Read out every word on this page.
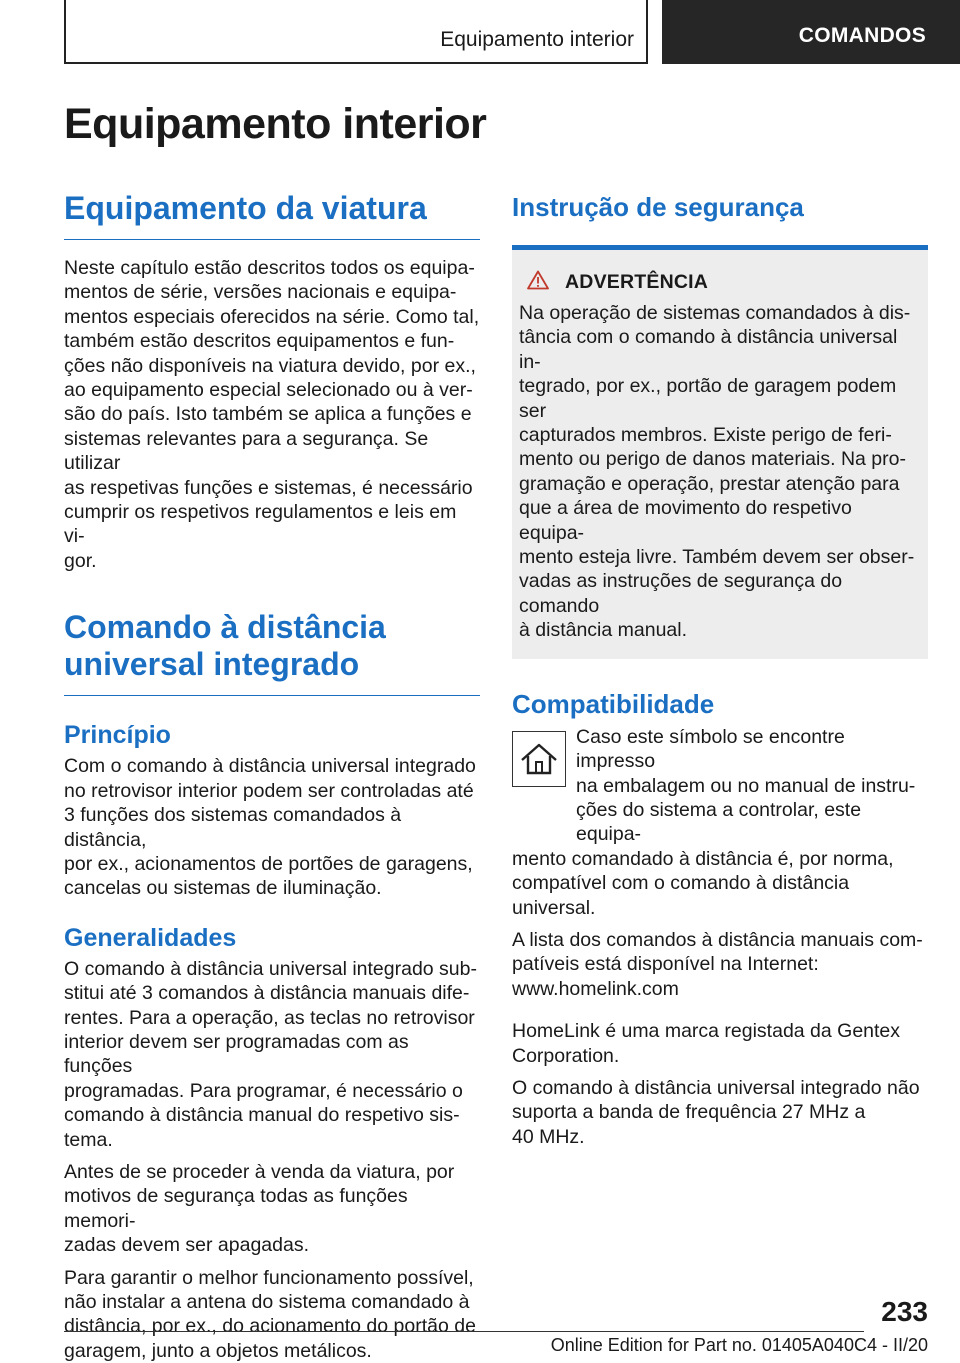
Equipamento interior	COMANDOS
Equipamento interior
Equipamento da viatura

Neste capítulo estão descritos todos os equipa‐
mentos de série, versões nacionais e equipa‐
mentos especiais oferecidos na série. Como tal,
também estão descritos equipamentos e fun‐
ções não disponíveis na viatura devido, por ex.,
ao equipamento especial selecionado ou à ver‐
são do país. Isto também se aplica a funções e
sistemas relevantes para a segurança. Se utilizar
as respetivas funções e sistemas, é necessário
cumprir os respetivos regulamentos e leis em vi‐
gor.

Comando à distância
universal integrado
Princípio

Com o comando à distância universal integrado
no retrovisor interior podem ser controladas até
3 funções dos sistemas comandados à distância,
por ex., acionamentos de portões de garagens,
cancelas ou sistemas de iluminação.

Generalidades

O comando à distância universal integrado sub‐
stitui até 3 comandos à distância manuais dife‐
rentes. Para a operação, as teclas no retrovisor
interior devem ser programadas com as funções
programadas. Para programar, é necessário o
comando à distância manual do respetivo sis‐
tema.

Antes de se proceder à venda da viatura, por
motivos de segurança todas as funções memori‐
zadas devem ser apagadas.

Para garantir o melhor funcionamento possível,
não instalar a antena do sistema comandado à
distância, por ex., do acionamento do portão de
garagem, junto a objetos metálicos.

Instrução de segurança
ADVERTÊNCIA

Na operação de sistemas comandados à dis‐
tância com o comando à distância universal in‐
tegrado, por ex., portão de garagem podem ser
capturados membros. Existe perigo de feri‐
mento ou perigo de danos materiais. Na pro‐
gramação e operação, prestar atenção para
que a área de movimento do respetivo equipa‐
mento esteja livre. Também devem ser obser‐
vadas as instruções de segurança do comando
à distância manual.

Compatibilidade

Caso este símbolo se encontre impresso
na embalagem ou no manual de instru‐
ções do sistema a controlar, este equipa‐

mento comandado à distância é, por norma,
compatível com o comando à distância universal.

A lista dos comandos à distância manuais com‐
patíveis está disponível na Internet:
www.homelink.com

HomeLink é uma marca registada da Gentex
Corporation.

O comando à distância universal integrado não
suporta a banda de frequência 27 MHz a
40 MHz.

233
Online Edition for Part no. 01405A040C4 - II/20
